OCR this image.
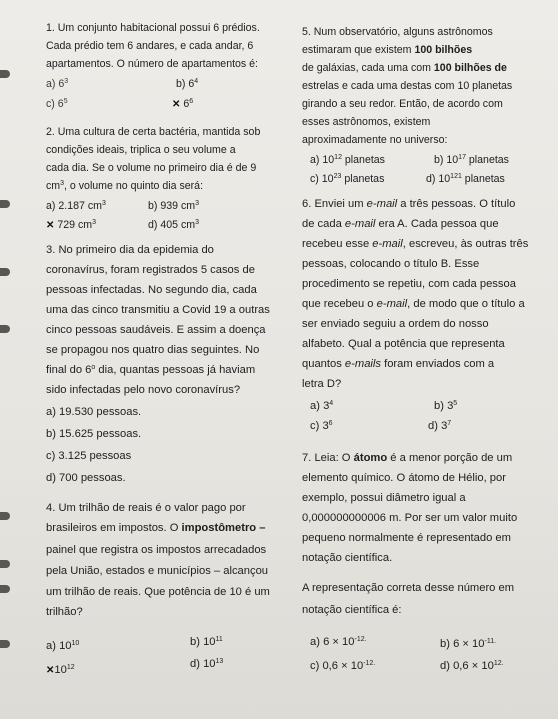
1. Um conjunto habitacional possui 6 prédios.
Cada prédio tem 6 andares, e cada andar, 6
apartamentos. O número de apartamentos é:
a) $6^3$	b) $6^4$
c) $6^5$	✕ $6^6$
2. Uma cultura de certa bactéria, mantida sob
condições ideais, triplica o seu volume a
cada dia. Se o volume no primeiro dia é de 9
$cm^3$, o volume no quinto dia será:
a) 2.187 $cm^3$	b) 939 $cm^3$
✕ 729 $cm^3$	d) 405 $cm^3$
3. No primeiro dia da epidemia do
coronavírus, foram registrados 5 casos de
pessoas infectadas. No segundo dia, cada
uma das cinco transmitiu a Covid 19 a outras
cinco pessoas saudáveis. E assim a doença
se propagou nos quatro dias seguintes. No
final do 6$^o$ dia, quantas pessoas já haviam
sido infectadas pelo novo coronavírus?
a) 19.530 pessoas.
b) 15.625 pessoas.
c) 3.125 pessoas
d) 700 pessoas.
4. Um trilhão de reais é o valor pago por
brasileiros em impostos. O impostômetro –
painel que registra os impostos arrecadados
pela União, estados e municípios – alcançou
um trilhão de reais. Que potência de 10 é um
trilhão?
a) $10^{10}$	b) $10^{11}$
$✕10^{12}$	d) $10^{13}$
5. Num observatório, alguns astrônomos
estimaram que existem 100 bilhões
de galáxias, cada uma com 100 bilhões de
estrelas e cada uma destas com 10 planetas
girando a seu redor. Então, de acordo com
esses astrônomos, existem
aproximadamente no universo:
a) $10^{12}$ planetas	b) $10^{17}$ planetas
c) $10^{23}$ planetas	d) $10^{121}$ planetas
6. Enviei um e-mail a três pessoas. O título
de cada e-mail era A. Cada pessoa que
recebeu esse e-mail, escreveu, às outras três
pessoas, colocando o título B. Esse
procedimento se repetiu, com cada pessoa
que recebeu o e-mail, de modo que o título a
ser enviado seguiu a ordem do nosso
alfabeto. Qual a potência que representa
quantos e-mails foram enviados com a
letra D?
a) $3^4$	b) $3^5$
c) $3^6$	d) $3^7$
7. Leia: O átomo é a menor porção de um
elemento químico. O átomo de Hélio, por
exemplo, possui diâmetro igual a
0,000000000006 m. Por ser um valor muito
pequeno normalmente é representado em
notação científica.
A representação correta desse número em
notação científica é:
a) $6 \times 10^{-12.}$	b) $6 \times 10^{-11.}$
c) $0,6 \times 10^{-12.}$	d) $0,6 \times 10^{12.}$
